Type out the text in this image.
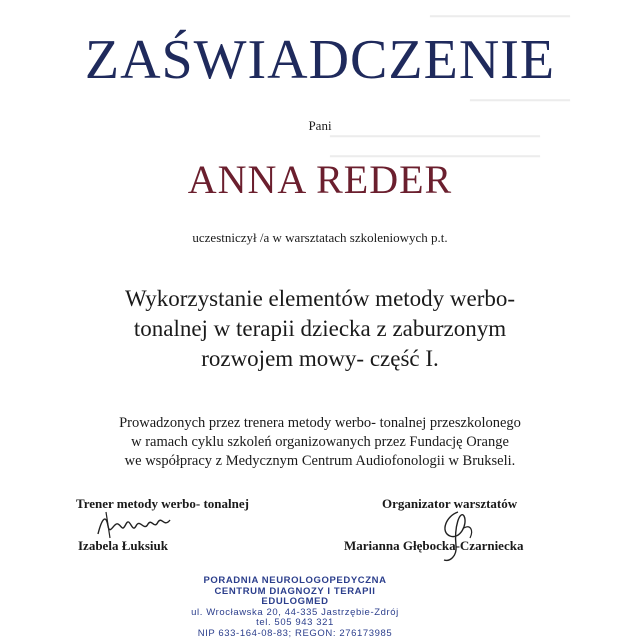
▁▁▁▁▁▁▁▁▁▁▁▁▁▁
▁▁▁▁▁▁▁▁▁▁
▁▁▁▁▁▁▁▁▁▁▁▁▁▁▁▁▁▁▁▁▁
▁▁▁▁▁▁▁▁▁▁▁▁▁▁▁▁▁▁▁▁▁
ZAŚWIADCZENIE
Pani
ANNA REDER
uczestniczył /a w warsztatach szkoleniowych p.t.
Wykorzystanie elementów metody werbo-
tonalnej w terapii dziecka z zaburzonym
rozwojem mowy- część I.
Prowadzonych przez trenera metody werbo- tonalnej przeszkolonego
w ramach cyklu szkoleń organizowanych przez Fundację Orange
we współpracy z Medycznym Centrum Audiofonologii w Brukseli.
Trener metody werbo- tonalnej
Izabela Łuksiuk
Organizator warsztatów
Marianna Głębocka-Czarniecka
PORADNIA NEUROLOGOPEDYCZNA
CENTRUM DIAGNOZY I TERAPII
EDULOGMED
ul. Wrocławska 20, 44-335 Jastrzębie-Zdrój
tel. 505 943 321
NIP 633-164-08-83; REGON: 276173985
